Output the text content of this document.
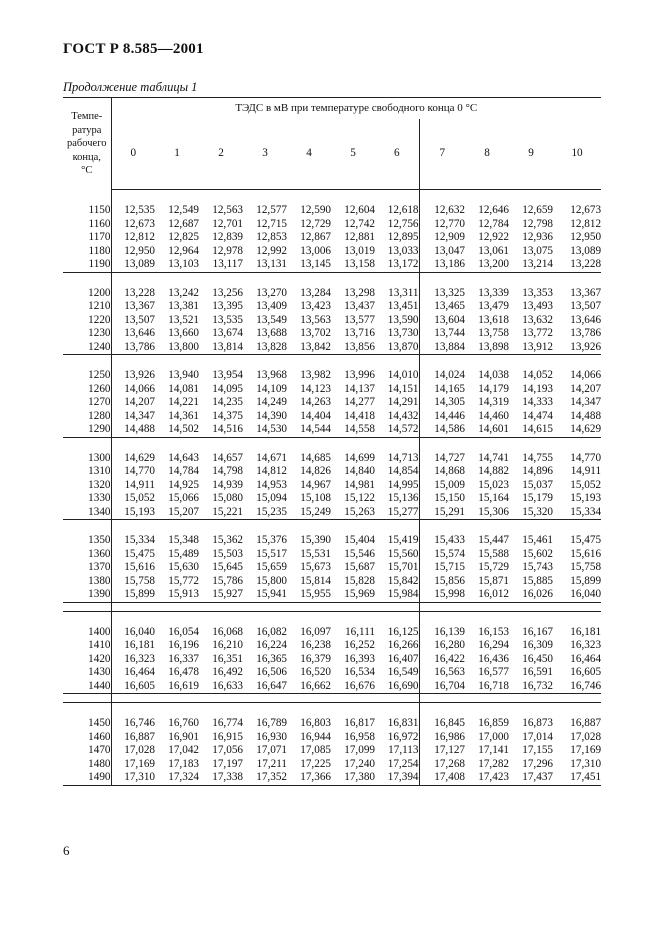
ГОСТ Р 8.585—2001
Продолжение таблицы 1
Темпе-
ратура
рабочего
конца,
°С	ТЭДС в мВ при температуре свободного конца 0 °С										
	0	1	2	3	4	5	6	7	8	9	10
1150	12,535	12,549	12,563	12,577	12,590	12,604	12,618	12,632	12,646	12,659	12,673
1160	12,673	12,687	12,701	12,715	12,729	12,742	12,756	12,770	12,784	12,798	12,812
1170	12,812	12,825	12,839	12,853	12,867	12,881	12,895	12,909	12,922	12,936	12,950
1180	12,950	12,964	12,978	12,992	13,006	13,019	13,033	13,047	13,061	13,075	13,089
1190	13,089	13,103	13,117	13,131	13,145	13,158	13,172	13,186	13,200	13,214	13,228
1200	13,228	13,242	13,256	13,270	13,284	13,298	13,311	13,325	13,339	13,353	13,367
1210	13,367	13,381	13,395	13,409	13,423	13,437	13,451	13,465	13,479	13,493	13,507
1220	13,507	13,521	13,535	13,549	13,563	13,577	13,590	13,604	13,618	13,632	13,646
1230	13,646	13,660	13,674	13,688	13,702	13,716	13,730	13,744	13,758	13,772	13,786
1240	13,786	13,800	13,814	13,828	13,842	13,856	13,870	13,884	13,898	13,912	13,926
1250	13,926	13,940	13,954	13,968	13,982	13,996	14,010	14,024	14,038	14,052	14,066
1260	14,066	14,081	14,095	14,109	14,123	14,137	14,151	14,165	14,179	14,193	14,207
1270	14,207	14,221	14,235	14,249	14,263	14,277	14,291	14,305	14,319	14,333	14,347
1280	14,347	14,361	14,375	14,390	14,404	14,418	14,432	14,446	14,460	14,474	14,488
1290	14,488	14,502	14,516	14,530	14,544	14,558	14,572	14,586	14,601	14,615	14,629
1300	14,629	14,643	14,657	14,671	14,685	14,699	14,713	14,727	14,741	14,755	14,770
1310	14,770	14,784	14,798	14,812	14,826	14,840	14,854	14,868	14,882	14,896	14,911
1320	14,911	14,925	14,939	14,953	14,967	14,981	14,995	15,009	15,023	15,037	15,052
1330	15,052	15,066	15,080	15,094	15,108	15,122	15,136	15,150	15,164	15,179	15,193
1340	15,193	15,207	15,221	15,235	15,249	15,263	15,277	15,291	15,306	15,320	15,334
1350	15,334	15,348	15,362	15,376	15,390	15,404	15,419	15,433	15,447	15,461	15,475
1360	15,475	15,489	15,503	15,517	15,531	15,546	15,560	15,574	15,588	15,602	15,616
1370	15,616	15,630	15,645	15,659	15,673	15,687	15,701	15,715	15,729	15,743	15,758
1380	15,758	15,772	15,786	15,800	15,814	15,828	15,842	15,856	15,871	15,885	15,899
1390	15,899	15,913	15,927	15,941	15,955	15,969	15,984	15,998	16,012	16,026	16,040

1400	16,040	16,054	16,068	16,082	16,097	16,111	16,125	16,139	16,153	16,167	16,181
1410	16,181	16,196	16,210	16,224	16,238	16,252	16,266	16,280	16,294	16,309	16,323
1420	16,323	16,337	16,351	16,365	16,379	16,393	16,407	16,422	16,436	16,450	16,464
1430	16,464	16,478	16,492	16,506	16,520	16,534	16,549	16,563	16,577	16,591	16,605
1440	16,605	16,619	16,633	16,647	16,662	16,676	16,690	16,704	16,718	16,732	16,746

1450	16,746	16,760	16,774	16,789	16,803	16,817	16,831	16,845	16,859	16,873	16,887
1460	16,887	16,901	16,915	16,930	16,944	16,958	16,972	16,986	17,000	17,014	17,028
1470	17,028	17,042	17,056	17,071	17,085	17,099	17,113	17,127	17,141	17,155	17,169
1480	17,169	17,183	17,197	17,211	17,225	17,240	17,254	17,268	17,282	17,296	17,310
1490	17,310	17,324	17,338	17,352	17,366	17,380	17,394	17,408	17,423	17,437	17,451
6
